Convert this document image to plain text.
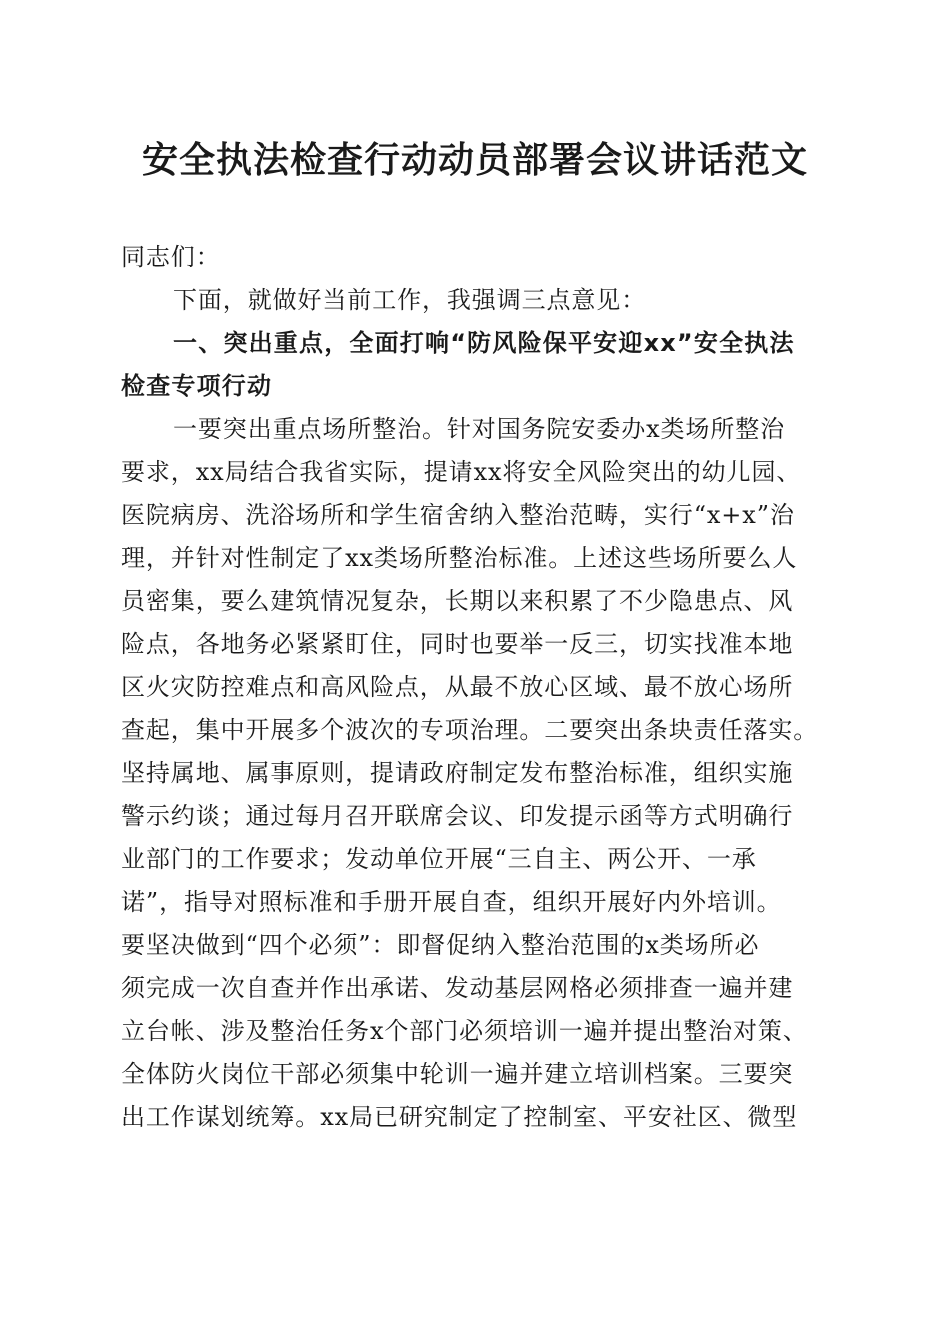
安全执法检查行动动员部署会议讲话范文
同志们：
下面，就做好当前工作，我强调三点意见：
一、突出重点，全面打响“防风险保平安迎xx”安全执法
检查专项行动
一要突出重点场所整治。针对国务院安委办x类场所整治
要求，xx局结合我省实际，提请xx将安全风险突出的幼儿园、
医院病房、洗浴场所和学生宿舍纳入整治范畴，实行“x+x”治
理，并针对性制定了xx类场所整治标准。上述这些场所要么人
员密集，要么建筑情况复杂，长期以来积累了不少隐患点、风
险点，各地务必紧紧盯住，同时也要举一反三，切实找准本地
区火灾防控难点和高风险点，从最不放心区域、最不放心场所
查起，集中开展多个波次的专项治理。二要突出条块责任落实。
坚持属地、属事原则，提请政府制定发布整治标准，组织实施
警示约谈；通过每月召开联席会议、印发提示函等方式明确行
业部门的工作要求；发动单位开展“三自主、两公开、一承
诺”，指导对照标准和手册开展自查，组织开展好内外培训。
要坚决做到“四个必须”：即督促纳入整治范围的x类场所必
须完成一次自查并作出承诺、发动基层网格必须排查一遍并建
立台帐、涉及整治任务x个部门必须培训一遍并提出整治对策、
全体防火岗位干部必须集中轮训一遍并建立培训档案。三要突
出工作谋划统筹。xx局已研究制定了控制室、平安社区、微型
